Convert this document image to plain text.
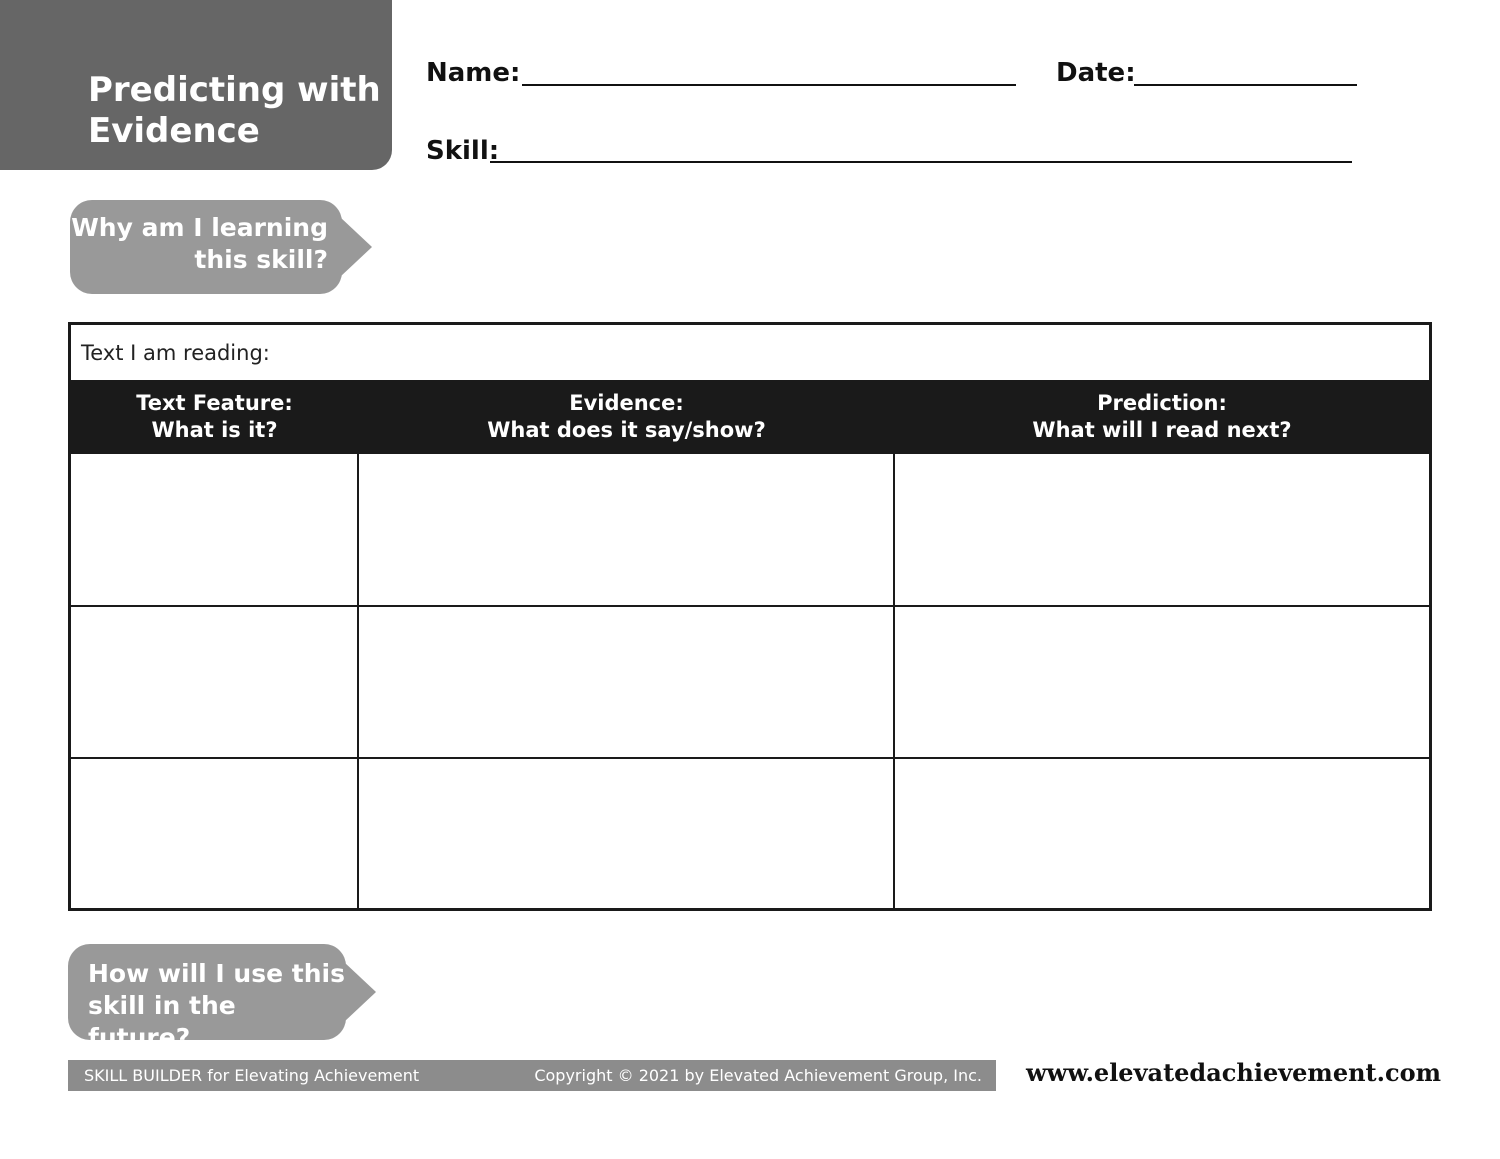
Predicting with
Evidence
Name:	Date:
Skill:
Why am I learning
this skill?
Text I am reading:
Text Feature:
What is it?
Evidence:
What does it say/show?
Prediction:
What will I read next?
How will I use this
skill in the future?
SKILL BUILDER for Elevating Achievement	Copyright © 2021 by Elevated Achievement Group, Inc. www.elevatedachievement.com
